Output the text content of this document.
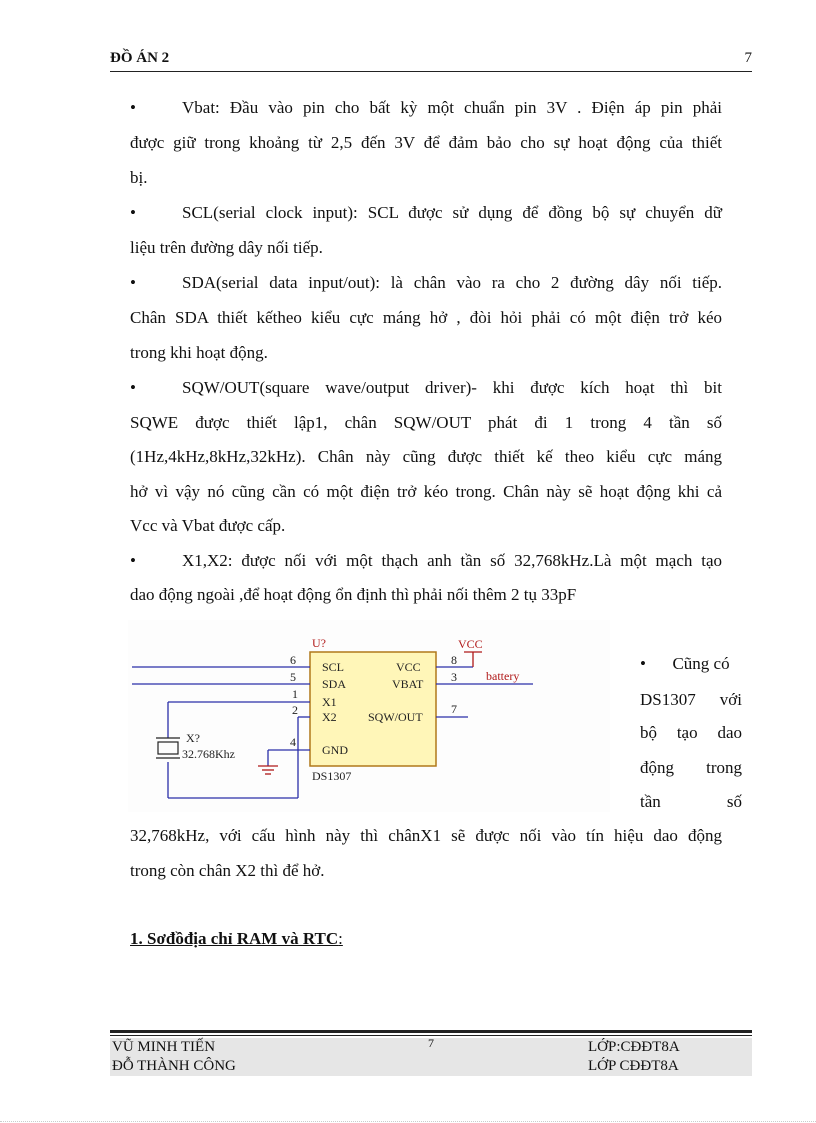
ĐỒ ÁN 2	7
•	Vbat: Đầu vào pin cho bất kỳ một chuẩn pin 3V . Điện áp pin phải
được giữ trong khoảng từ 2,5 đến 3V để đảm bảo cho sự hoạt động của thiết
bị.
•	SCL(serial clock input): SCL được sử dụng để đồng bộ sự chuyển dữ
liệu trên đường dây nối tiếp.
•	SDA(serial data input/out): là chân vào ra cho 2 đường dây nối tiếp.
Chân SDA thiết kếtheo kiểu cực máng hở , đòi hỏi phải có một điện trở kéo
trong khi hoạt động.
•	SQW/OUT(square wave/output driver)- khi được kích hoạt thì bit
SQWE được thiết lập1, chân SQW/OUT phát đi 1 trong 4 tần số
(1Hz,4kHz,8kHz,32kHz). Chân này cũng được thiết kế theo kiểu cực máng
hở vì vậy nó cũng cần có một điện trở kéo trong. Chân này sẽ hoạt động khi cả
Vcc và Vbat được cấp.
•	X1,X2: được nối với một thạch anh tần số 32,768kHz.Là một mạch tạo
dao động ngoài ,để hoạt động ổn định thì phải nối thêm 2 tụ 33pF
U?
DS1307
X?
32.768Khz
6
5
1
2
4
SCL
SDA
X1
X2
GND
VCC
VBAT
SQW/OUT
VCC
8
3 battery
7
• Cũng có
DS1307 với
bộ tạo dao
động trong
tần số
32,768kHz, với cấu hình này thì chânX1 sẽ được nối vào tín hiệu dao động
trong còn chân X2 thì để hở.
1. Sơđồđịa chỉ RAM và RTC:
VŨ MINH TIẾN
ĐỖ THÀNH CÔNG
7	LỚP:CĐĐT8A
LỚP CĐĐT8A
